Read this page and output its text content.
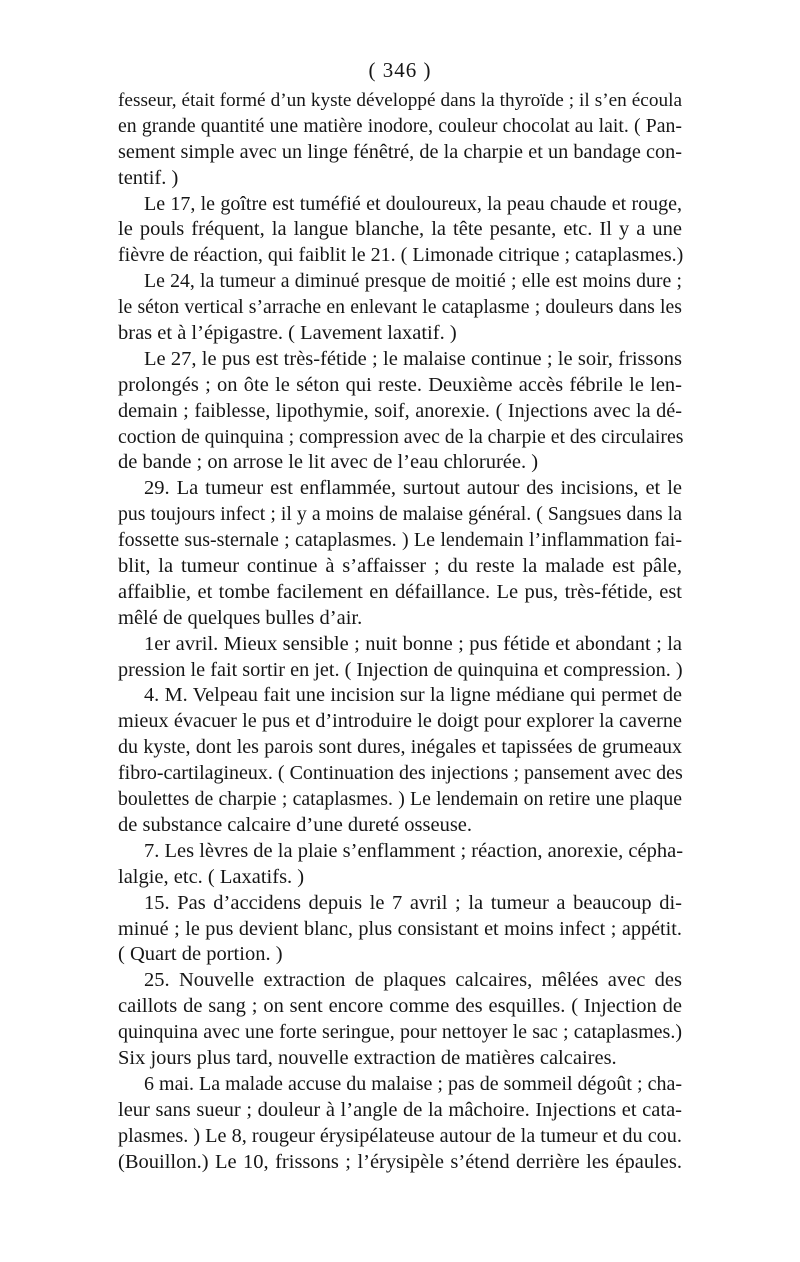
( 346 )
fesseur, était formé d’un kyste développé dans la thyroïde ; il s’en écoula
en grande quantité une matière inodore, couleur chocolat au lait. ( Pan-
sement simple avec un linge fénêtré, de la charpie et un bandage con-
tentif. )
Le 17, le goître est tuméfié et douloureux, la peau chaude et rouge,
le pouls fréquent, la langue blanche, la tête pesante, etc. Il y a une
fièvre de réaction, qui faiblit le 21. ( Limonade citrique ; cataplasmes.)
Le 24, la tumeur a diminué presque de moitié ; elle est moins dure ;
le séton vertical s’arrache en enlevant le cataplasme ; douleurs dans les
bras et à l’épigastre. ( Lavement laxatif. )
Le 27, le pus est très-fétide ; le malaise continue ; le soir, frissons
prolongés ; on ôte le séton qui reste. Deuxième accès fébrile le len-
demain ; faiblesse, lipothymie, soif, anorexie. ( Injections avec la dé-
coction de quinquina ; compression avec de la charpie et des circulaires
de bande ; on arrose le lit avec de l’eau chlorurée. )
29. La tumeur est enflammée, surtout autour des incisions, et le
pus toujours infect ; il y a moins de malaise général. ( Sangsues dans la
fossette sus-sternale ; cataplasmes. ) Le lendemain l’inflammation fai-
blit, la tumeur continue à s’affaisser ; du reste la malade est pâle,
affaiblie, et tombe facilement en défaillance. Le pus, très-fétide, est
mêlé de quelques bulles d’air.
1er avril. Mieux sensible ; nuit bonne ; pus fétide et abondant ; la
pression le fait sortir en jet. ( Injection de quinquina et compression. )
4. M. Velpeau fait une incision sur la ligne médiane qui permet de
mieux évacuer le pus et d’introduire le doigt pour explorer la caverne
du kyste, dont les parois sont dures, inégales et tapissées de grumeaux
fibro-cartilagineux. ( Continuation des injections ; pansement avec des
boulettes de charpie ; cataplasmes. ) Le lendemain on retire une plaque
de substance calcaire d’une dureté osseuse.
7. Les lèvres de la plaie s’enflamment ; réaction, anorexie, cépha-
lalgie, etc. ( Laxatifs. )
15. Pas d’accidens depuis le 7 avril ; la tumeur a beaucoup di-
minué ; le pus devient blanc, plus consistant et moins infect ; appétit.
( Quart de portion. )
25. Nouvelle extraction de plaques calcaires, mêlées avec des
caillots de sang ; on sent encore comme des esquilles. ( Injection de
quinquina avec une forte seringue, pour nettoyer le sac ; cataplasmes.)
Six jours plus tard, nouvelle extraction de matières calcaires.
6 mai. La malade accuse du malaise ; pas de sommeil dégoût ; cha-
leur sans sueur ; douleur à l’angle de la mâchoire. Injections et cata-
plasmes. ) Le 8, rougeur érysipélateuse autour de la tumeur et du cou.
(Bouillon.) Le 10, frissons ; l’érysipèle s’étend derrière les épaules.
